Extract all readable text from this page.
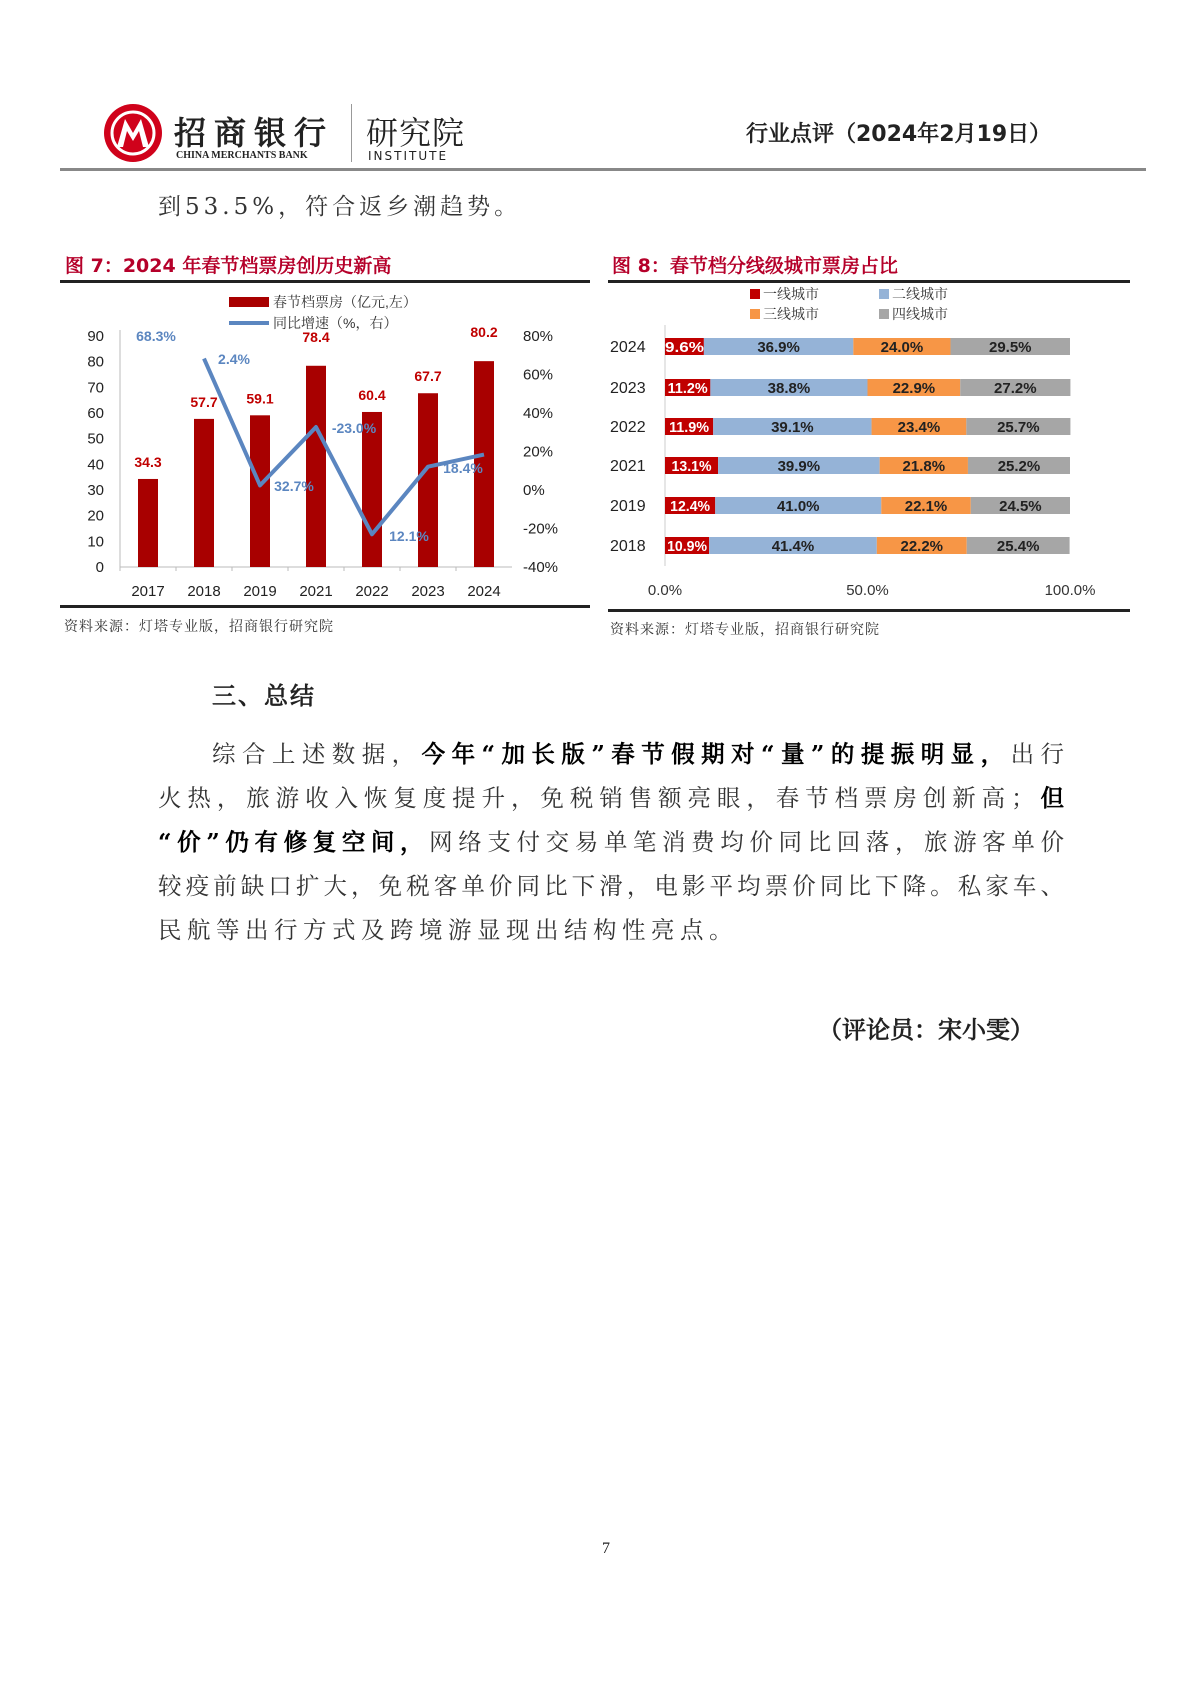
招商银行
CHINA MERCHANTS BANK
研究院
INSTITUTE
行业点评（2024年2月19日）
到53.5%，符合返乡潮趋势。
图 7：2024 年春节档票房创历史新高
资料来源：灯塔专业版，招商银行研究院
图 8：春节档分线级城市票房占比
资料来源：灯塔专业版，招商银行研究院
0
10
20
30
40
50
60
70
80
90
-40%
-20%
0%
20%
40%
60%
80%
2017
34.3
2018
57.7
2019
59.1
2021
78.4
2022
60.4
2023
67.7
2024
80.2
68.3%
2.4%
32.7%
-23.0%
12.1%
18.4%
春节档票房（亿元,左）
同比增速（%，右）
2024 9.6%	36.9%	24.0%	29.5%
2023 11.2%	38.8%	22.9%	27.2%
2022 11.9%	39.1%	23.4%	25.7%
2021 13.1%	39.9%	21.8%	25.2%
2019 12.4%	41.0%	22.1%	24.5%
2018 10.9%	41.4%	22.2%	25.4%
0.0%	50.0%	100.0%
一线城市	二线城市
三线城市	四线城市
三、总结
综合上述数据，今年“加长版”春节假期对“量”的提振明显，出行
火热，旅游收入恢复度提升，免税销售额亮眼，春节档票房创新高；但
“价”仍有修复空间，网络支付交易单笔消费均价同比回落，旅游客单价
较疫前缺口扩大，免税客单价同比下滑，电影平均票价同比下降。私家车、
民航等出行方式及跨境游显现出结构性亮点。
（评论员：宋小雯）
7
